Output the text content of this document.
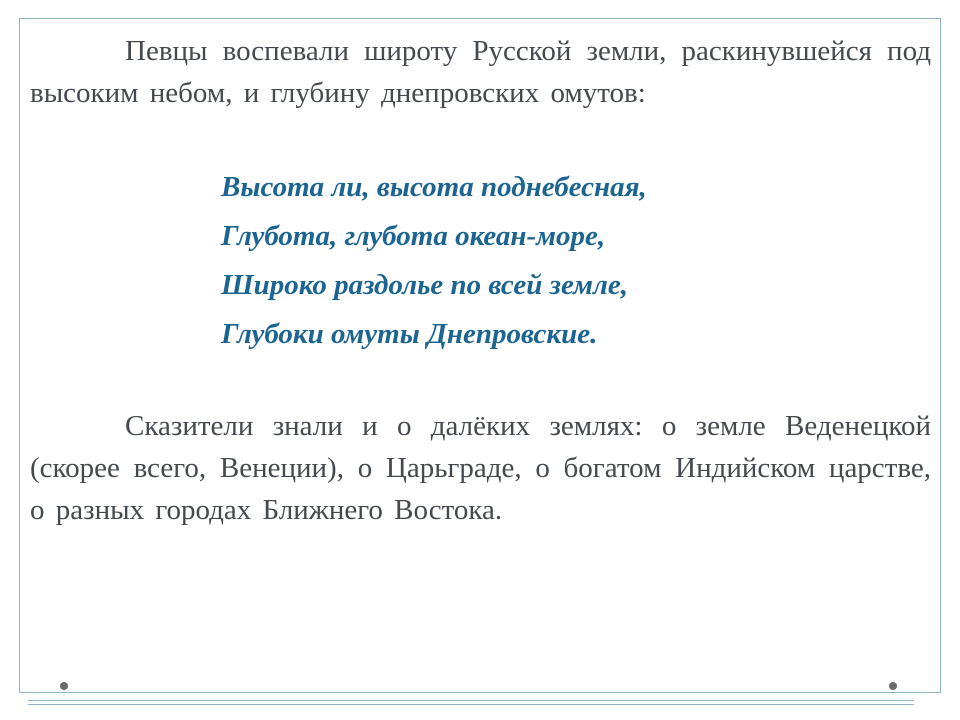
Певцы воспевали широту Русской земли, раскинувшейся под высоким небом, и глубину днепровских омутов:

Высота ли, высота поднебесная,
Глубота, глубота океан-море,
Широко раздолье по всей земле,
Глубоки омуты Днепровские.

Сказители знали и о далёких землях: о земле Веденецкой (скорее всего, Венеции), о Царьграде, о богатом Индийском царстве, о разных городах Ближнего Востока.
